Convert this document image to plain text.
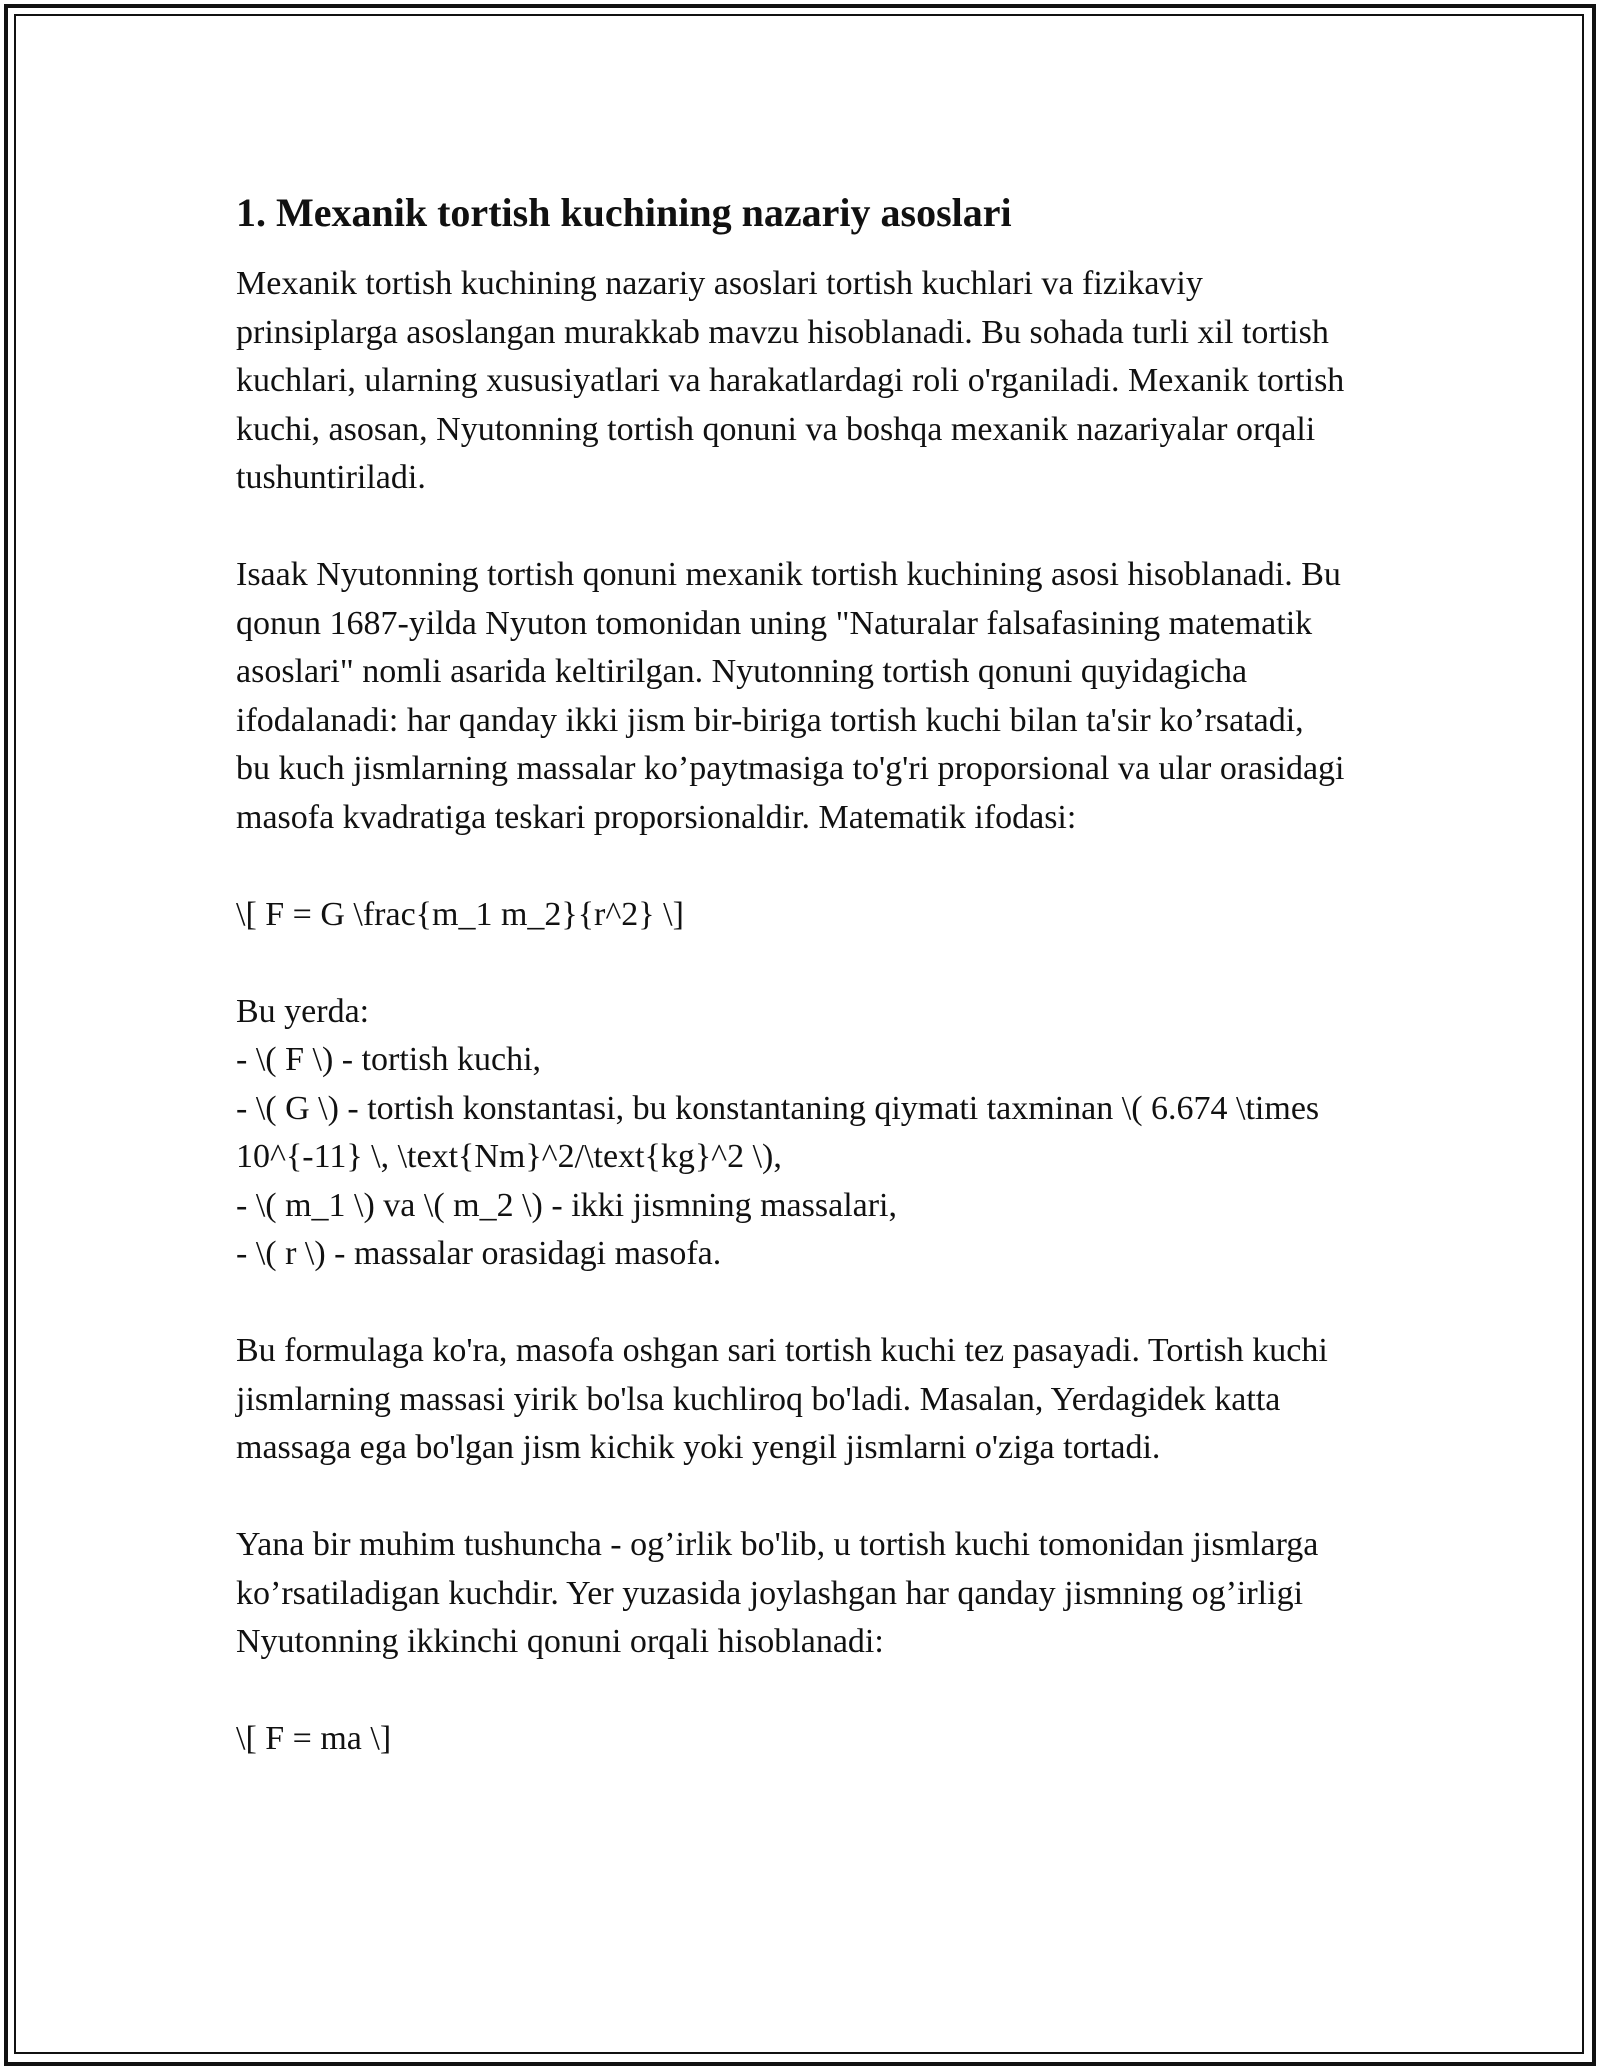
1. Mexanik tortish kuchining nazariy asoslari

Mexanik tortish kuchining nazariy asoslari tortish kuchlari va fizikaviy prinsiplarga asoslangan murakkab mavzu hisoblanadi. Bu sohada turli xil tortish kuchlari, ularning xususiyatlari va harakatlardagi roli o'rganiladi. Mexanik tortish kuchi, asosan, Nyutonning tortish qonuni va boshqa mexanik nazariyalar orqali tushuntiriladi.

Isaak Nyutonning tortish qonuni mexanik tortish kuchining asosi hisoblanadi. Bu qonun 1687-yilda Nyuton tomonidan uning "Naturalar falsafasining matematik asoslari" nomli asarida keltirilgan. Nyutonning tortish qonuni quyidagicha ifodalanadi: har qanday ikki jism bir-biriga tortish kuchi bilan ta'sir ko’rsatadi, bu kuch jismlarning massalar ko’paytmasiga to'g'ri proporsional va ular orasidagi masofa kvadratiga teskari proporsionaldir. Matematik ifodasi:

\[ F = G \frac{m_1 m_2}{r^2} \]

Bu yerda:
- \( F \) - tortish kuchi,
- \( G \) - tortish konstantasi, bu konstantaning qiymati taxminan \( 6.674 \times 10^{-11} \, \text{Nm}^2/\text{kg}^2 \),
- \( m_1 \) va \( m_2 \) - ikki jismning massalari,
- \( r \) - massalar orasidagi masofa.

Bu formulaga ko'ra, masofa oshgan sari tortish kuchi tez pasayadi. Tortish kuchi jismlarning massasi yirik bo'lsa kuchliroq bo'ladi. Masalan, Yerdagidek katta massaga ega bo'lgan jism kichik yoki yengil jismlarni o'ziga tortadi.

Yana bir muhim tushuncha - og’irlik bo'lib, u tortish kuchi tomonidan jismlarga ko’rsatiladigan kuchdir. Yer yuzasida joylashgan har qanday jismning og’irligi Nyutonning ikkinchi qonuni orqali hisoblanadi:

\[ F = ma \]
